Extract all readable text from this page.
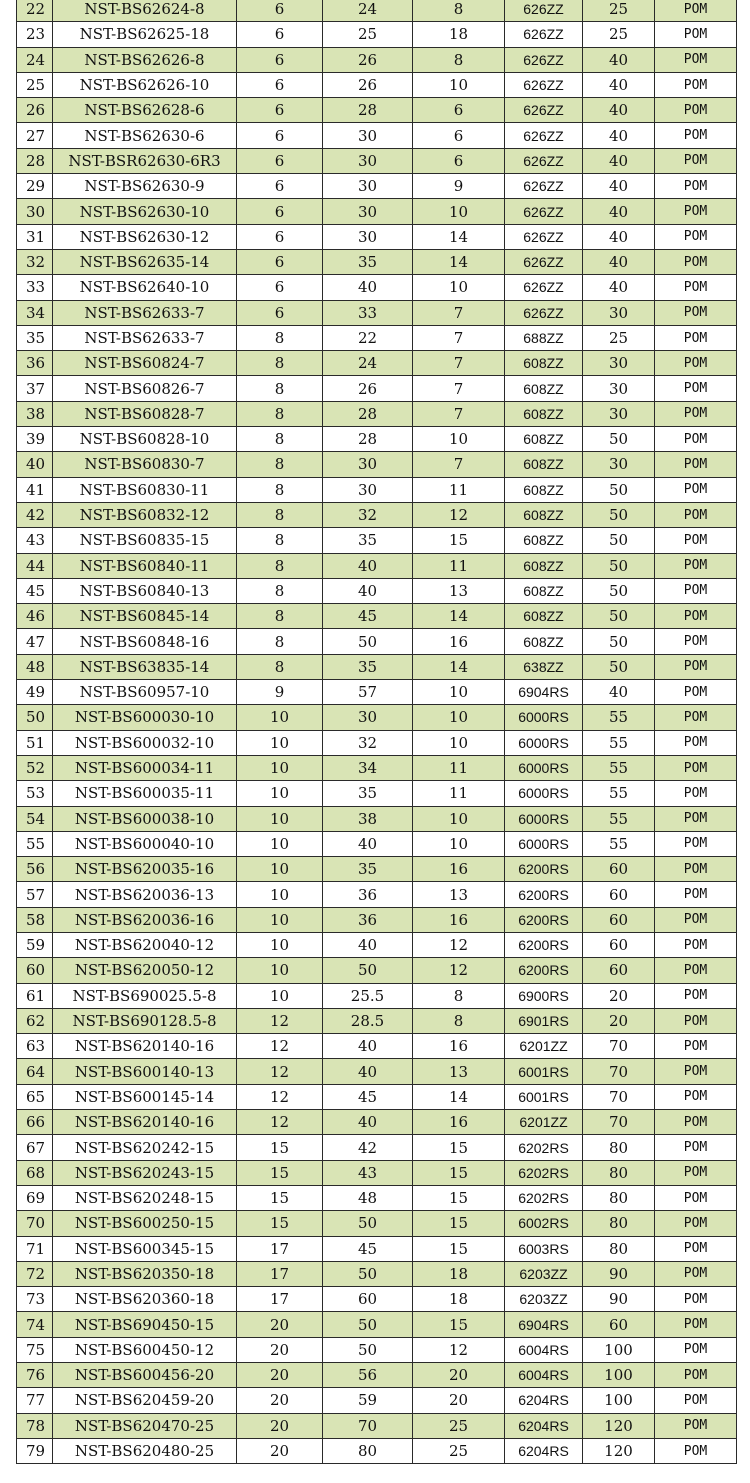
22	NST-BS62624-8	6	24	8	626ZZ	25	POM
23	NST-BS62625-18	6	25	18	626ZZ	25	POM
24	NST-BS62626-8	6	26	8	626ZZ	40	POM
25	NST-BS62626-10	6	26	10	626ZZ	40	POM
26	NST-BS62628-6	6	28	6	626ZZ	40	POM
27	NST-BS62630-6	6	30	6	626ZZ	40	POM
28	NST-BSR62630-6R3	6	30	6	626ZZ	40	POM
29	NST-BS62630-9	6	30	9	626ZZ	40	POM
30	NST-BS62630-10	6	30	10	626ZZ	40	POM
31	NST-BS62630-12	6	30	14	626ZZ	40	POM
32	NST-BS62635-14	6	35	14	626ZZ	40	POM
33	NST-BS62640-10	6	40	10	626ZZ	40	POM
34	NST-BS62633-7	6	33	7	626ZZ	30	POM
35	NST-BS62633-7	8	22	7	688ZZ	25	POM
36	NST-BS60824-7	8	24	7	608ZZ	30	POM
37	NST-BS60826-7	8	26	7	608ZZ	30	POM
38	NST-BS60828-7	8	28	7	608ZZ	30	POM
39	NST-BS60828-10	8	28	10	608ZZ	50	POM
40	NST-BS60830-7	8	30	7	608ZZ	30	POM
41	NST-BS60830-11	8	30	11	608ZZ	50	POM
42	NST-BS60832-12	8	32	12	608ZZ	50	POM
43	NST-BS60835-15	8	35	15	608ZZ	50	POM
44	NST-BS60840-11	8	40	11	608ZZ	50	POM
45	NST-BS60840-13	8	40	13	608ZZ	50	POM
46	NST-BS60845-14	8	45	14	608ZZ	50	POM
47	NST-BS60848-16	8	50	16	608ZZ	50	POM
48	NST-BS63835-14	8	35	14	638ZZ	50	POM
49	NST-BS60957-10	9	57	10	6904RS	40	POM
50	NST-BS600030-10	10	30	10	6000RS	55	POM
51	NST-BS600032-10	10	32	10	6000RS	55	POM
52	NST-BS600034-11	10	34	11	6000RS	55	POM
53	NST-BS600035-11	10	35	11	6000RS	55	POM
54	NST-BS600038-10	10	38	10	6000RS	55	POM
55	NST-BS600040-10	10	40	10	6000RS	55	POM
56	NST-BS620035-16	10	35	16	6200RS	60	POM
57	NST-BS620036-13	10	36	13	6200RS	60	POM
58	NST-BS620036-16	10	36	16	6200RS	60	POM
59	NST-BS620040-12	10	40	12	6200RS	60	POM
60	NST-BS620050-12	10	50	12	6200RS	60	POM
61	NST-BS690025.5-8	10	25.5	8	6900RS	20	POM
62	NST-BS690128.5-8	12	28.5	8	6901RS	20	POM
63	NST-BS620140-16	12	40	16	6201ZZ	70	POM
64	NST-BS600140-13	12	40	13	6001RS	70	POM
65	NST-BS600145-14	12	45	14	6001RS	70	POM
66	NST-BS620140-16	12	40	16	6201ZZ	70	POM
67	NST-BS620242-15	15	42	15	6202RS	80	POM
68	NST-BS620243-15	15	43	15	6202RS	80	POM
69	NST-BS620248-15	15	48	15	6202RS	80	POM
70	NST-BS600250-15	15	50	15	6002RS	80	POM
71	NST-BS600345-15	17	45	15	6003RS	80	POM
72	NST-BS620350-18	17	50	18	6203ZZ	90	POM
73	NST-BS620360-18	17	60	18	6203ZZ	90	POM
74	NST-BS690450-15	20	50	15	6904RS	60	POM
75	NST-BS600450-12	20	50	12	6004RS	100	POM
76	NST-BS600456-20	20	56	20	6004RS	100	POM
77	NST-BS620459-20	20	59	20	6204RS	100	POM
78	NST-BS620470-25	20	70	25	6204RS	120	POM
79	NST-BS620480-25	20	80	25	6204RS	120	POM
